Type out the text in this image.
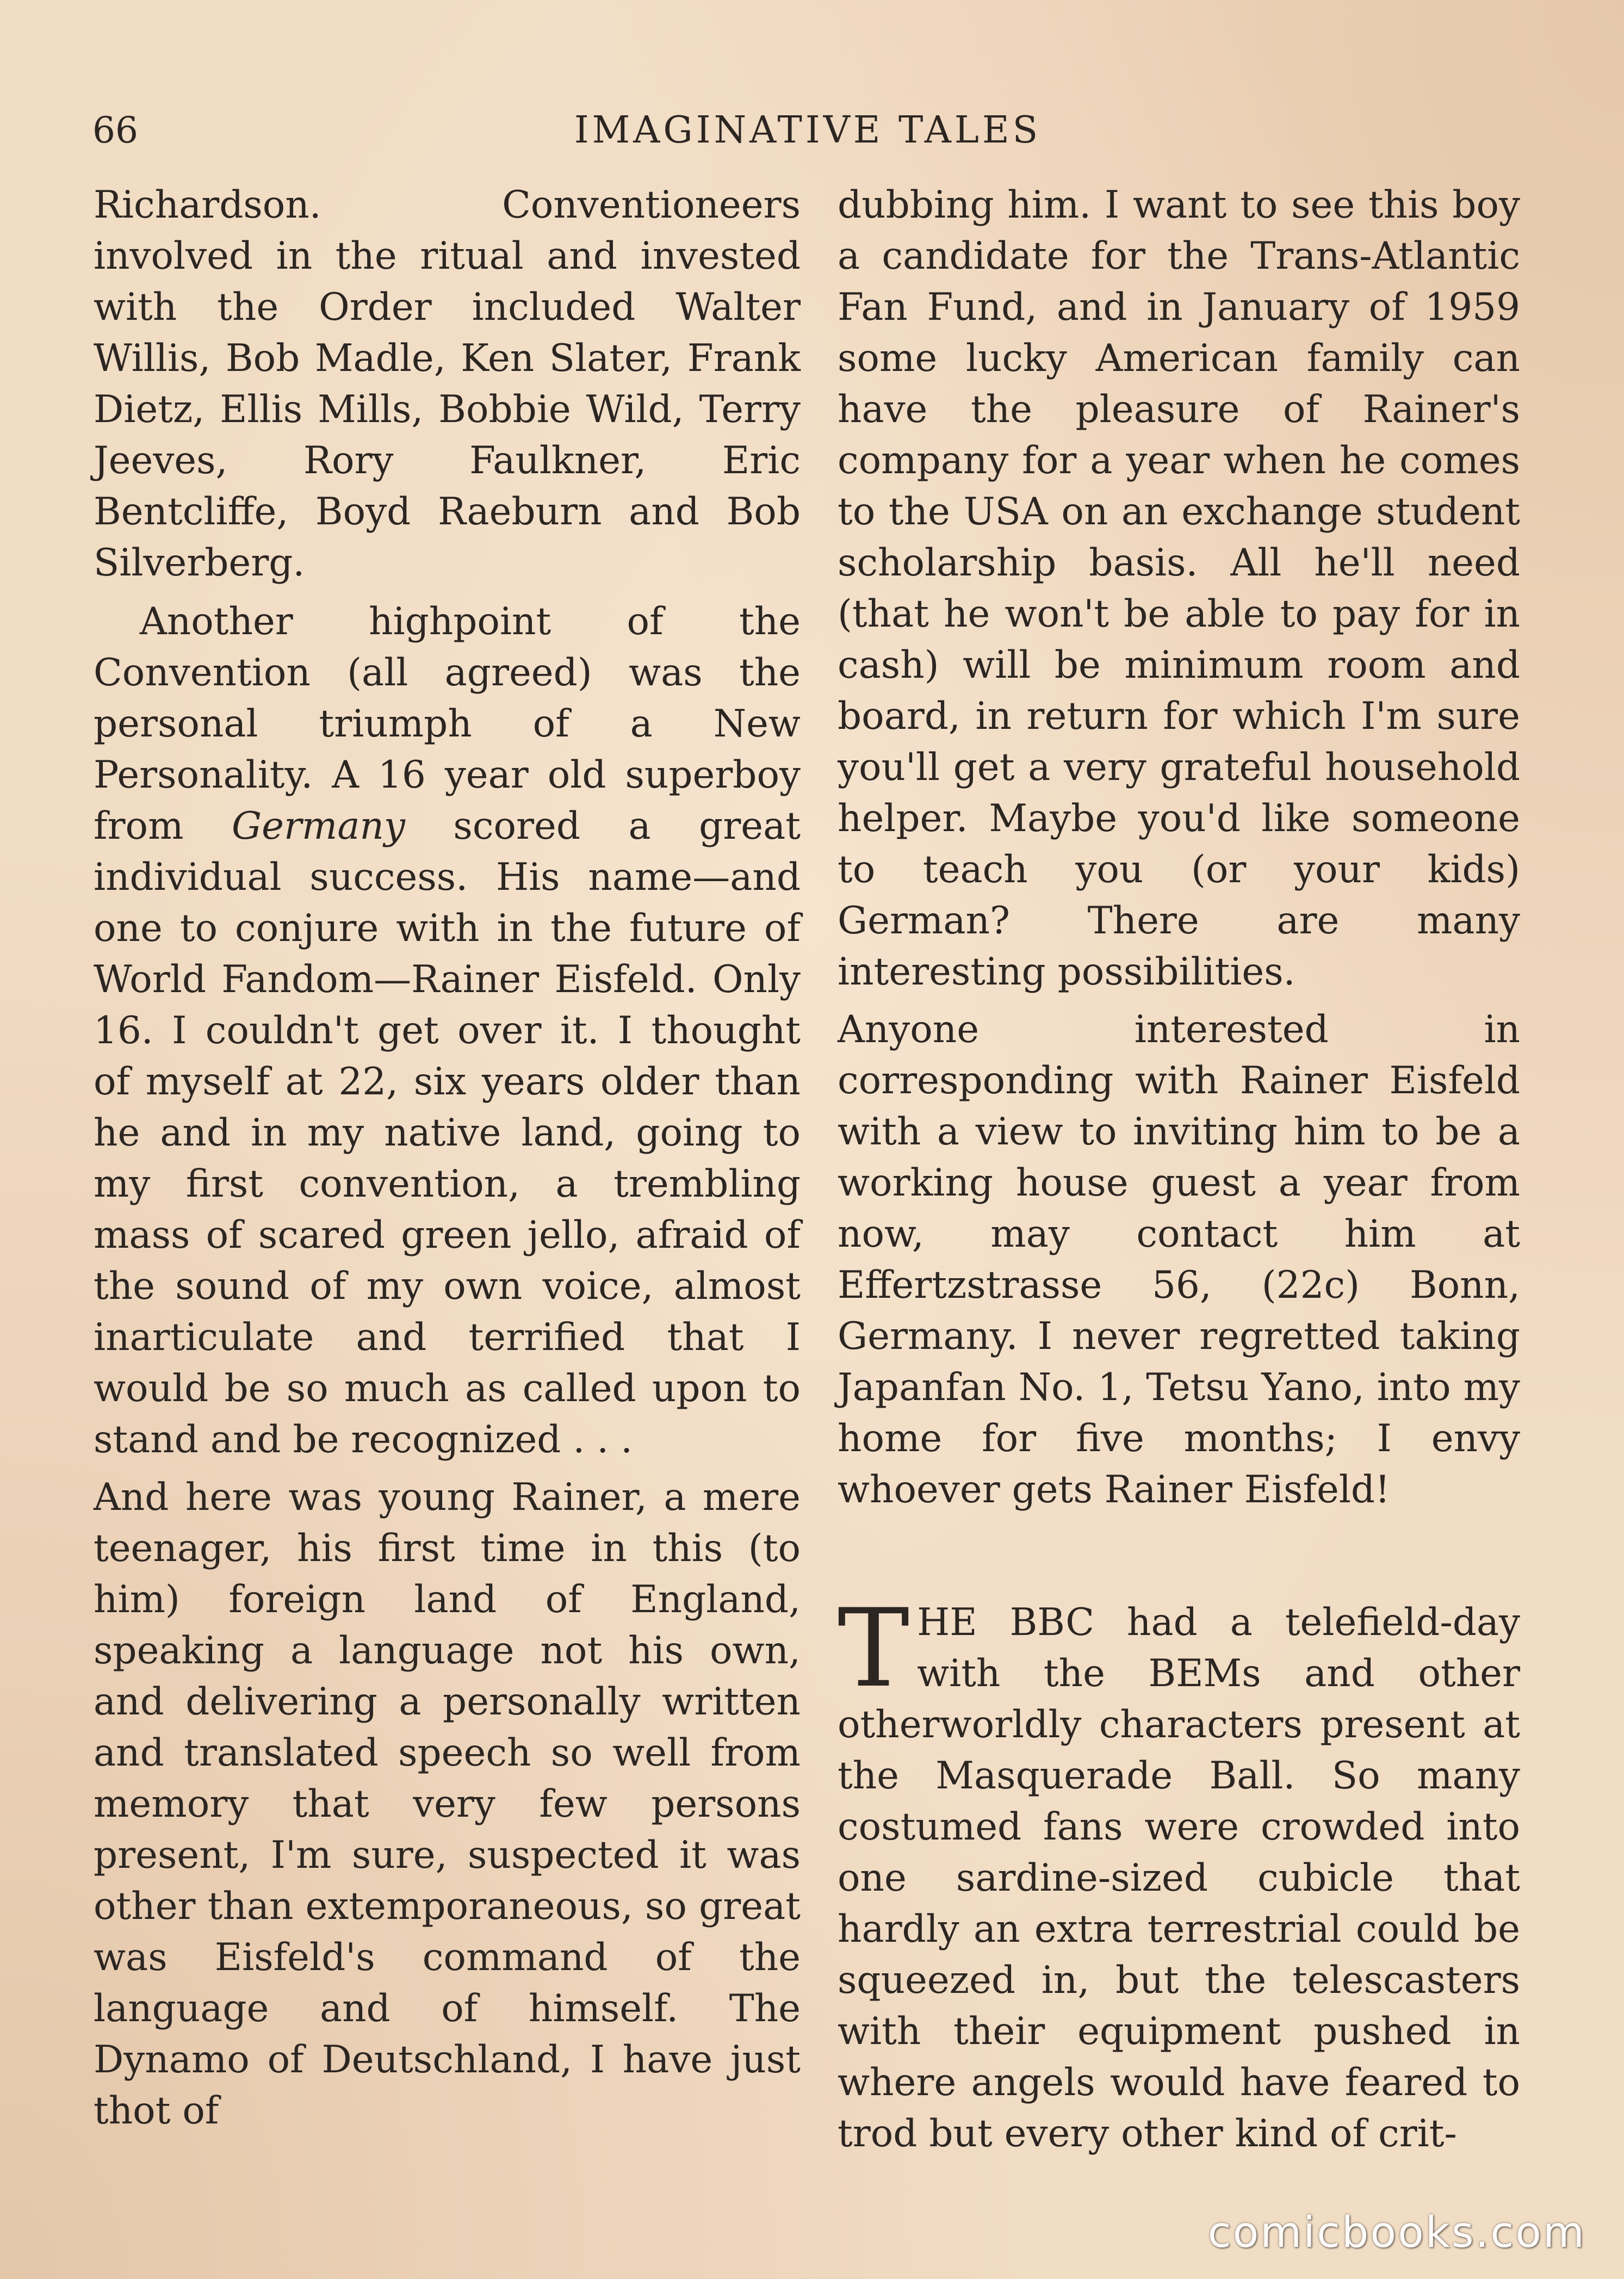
66	IMAGINATIVE TALES

Richardson. Conventioneers involved in the ritual and invested with the Order included Walter Willis, Bob Madle, Ken Slater, Frank Dietz, Ellis Mills, Bobbie Wild, Terry Jeeves, Rory Faulkner, Eric Bentcliffe, Boyd Raeburn and Bob Silverberg.

Another highpoint of the Convention (all agreed) was the personal triumph of a New Personality. A 16 year old superboy from Germany scored a great individual success. His name—and one to conjure with in the future of World Fandom—Rainer Eisfeld. Only 16. I couldn't get over it. I thought of myself at 22, six years older than he and in my native land, going to my first convention, a trembling mass of scared green jello, afraid of the sound of my own voice, almost inarticulate and terrified that I would be so much as called upon to stand and be recognized . . .

And here was young Rainer, a mere teenager, his first time in this (to him) foreign land of England, speaking a language not his own, and delivering a personally written and translated speech so well from memory that very few persons present, I'm sure, suspected it was other than extemporaneous, so great was Eisfeld's command of the language and of himself. The Dynamo of Deutschland, I have just thot of

dubbing him. I want to see this boy a candidate for the Trans-Atlantic Fan Fund, and in January of 1959 some lucky American family can have the pleasure of Rainer's company for a year when he comes to the USA on an exchange student scholarship basis. All he'll need (that he won't be able to pay for in cash) will be minimum room and board, in return for which I'm sure you'll get a very grateful household helper. Maybe you'd like someone to teach you (or your kids) German? There are many interesting possibilities.

Anyone interested in corresponding with Rainer Eisfeld with a view to inviting him to be a working house guest a year from now, may contact him at Effertzstrasse 56, (22c) Bonn, Germany. I never regretted taking Japanfan No. 1, Tetsu Yano, into my home for five months; I envy whoever gets Rainer Eisfeld!

THE BBC had a telefield-day with the BEMs and other otherworldly characters present at the Masquerade Ball. So many costumed fans were crowded into one sardine-sized cubicle that hardly an extra terrestrial could be squeezed in, but the telescasters with their equipment pushed in where angels would have feared to trod but every other kind of crit-

comicbooks.com
